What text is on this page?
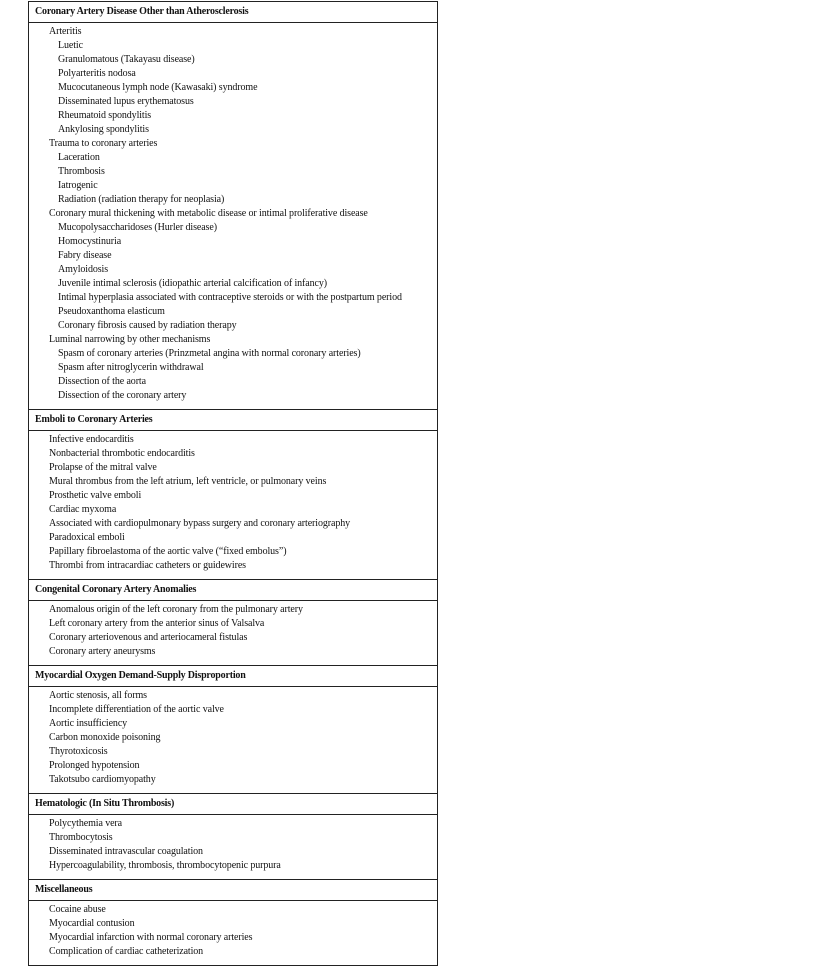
Coronary Artery Disease Other than Atherosclerosis
Arteritis
Luetic
Granulomatous (Takayasu disease)
Polyarteritis nodosa
Mucocutaneous lymph node (Kawasaki) syndrome
Disseminated lupus erythematosus
Rheumatoid spondylitis
Ankylosing spondylitis
Trauma to coronary arteries
Laceration
Thrombosis
Iatrogenic
Radiation (radiation therapy for neoplasia)
Coronary mural thickening with metabolic disease or intimal proliferative disease
Mucopolysaccharidoses (Hurler disease)
Homocystinuria
Fabry disease
Amyloidosis
Juvenile intimal sclerosis (idiopathic arterial calcification of infancy)
Intimal hyperplasia associated with contraceptive steroids or with the postpartum period
Pseudoxanthoma elasticum
Coronary fibrosis caused by radiation therapy
Luminal narrowing by other mechanisms
Spasm of coronary arteries (Prinzmetal angina with normal coronary arteries)
Spasm after nitroglycerin withdrawal
Dissection of the aorta
Dissection of the coronary artery
Emboli to Coronary Arteries
Infective endocarditis
Nonbacterial thrombotic endocarditis
Prolapse of the mitral valve
Mural thrombus from the left atrium, left ventricle, or pulmonary veins
Prosthetic valve emboli
Cardiac myxoma
Associated with cardiopulmonary bypass surgery and coronary arteriography
Paradoxical emboli
Papillary fibroelastoma of the aortic valve (“fixed embolus”)
Thrombi from intracardiac catheters or guidewires
Congenital Coronary Artery Anomalies
Anomalous origin of the left coronary from the pulmonary artery
Left coronary artery from the anterior sinus of Valsalva
Coronary arteriovenous and arteriocameral fistulas
Coronary artery aneurysms
Myocardial Oxygen Demand-Supply Disproportion
Aortic stenosis, all forms
Incomplete differentiation of the aortic valve
Aortic insufficiency
Carbon monoxide poisoning
Thyrotoxicosis
Prolonged hypotension
Takotsubo cardiomyopathy
Hematologic (In Situ Thrombosis)
Polycythemia vera
Thrombocytosis
Disseminated intravascular coagulation
Hypercoagulability, thrombosis, thrombocytopenic purpura
Miscellaneous
Cocaine abuse
Myocardial contusion
Myocardial infarction with normal coronary arteries
Complication of cardiac catheterization
